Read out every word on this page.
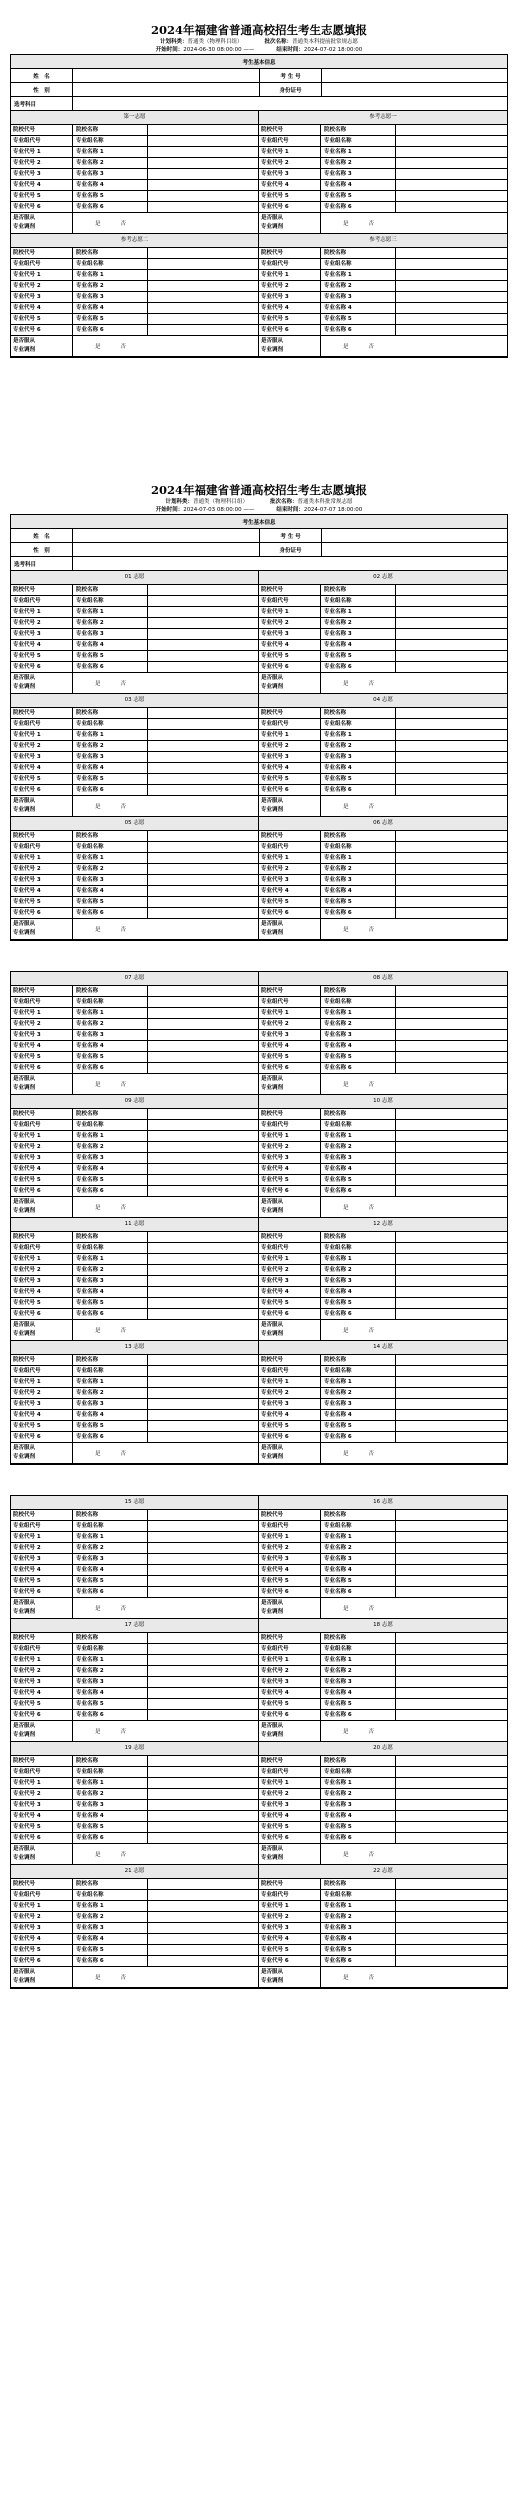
2024年福建省普通高校招生考生志愿填报
计划科类：普通类（物理科目组）	批次名称：普通类本科提前批常规志愿
开始时间：2024-06-30 08:00:00 ——	结束时间：2024-07-02 18:00:00
考生基本信息
姓　名	考 生 号
性　别	身份证号
选考科目
第一志愿
院校代号	院校名称
专业组代号	专业组名称
专业代号 1	专业名称 1
专业代号 2	专业名称 2
专业代号 3	专业名称 3
专业代号 4	专业名称 4
专业代号 5	专业名称 5
专业代号 6	专业名称 6
是否服从
专业调剂	是	否
参考志愿一
院校代号	院校名称
专业组代号	专业组名称
专业代号 1	专业名称 1
专业代号 2	专业名称 2
专业代号 3	专业名称 3
专业代号 4	专业名称 4
专业代号 5	专业名称 5
专业代号 6	专业名称 6
是否服从
专业调剂	是	否
参考志愿二
院校代号	院校名称
专业组代号	专业组名称
专业代号 1	专业名称 1
专业代号 2	专业名称 2
专业代号 3	专业名称 3
专业代号 4	专业名称 4
专业代号 5	专业名称 5
专业代号 6	专业名称 6
是否服从
专业调剂	是	否
参考志愿三
院校代号	院校名称
专业组代号	专业组名称
专业代号 1	专业名称 1
专业代号 2	专业名称 2
专业代号 3	专业名称 3
专业代号 4	专业名称 4
专业代号 5	专业名称 5
专业代号 6	专业名称 6
是否服从
专业调剂	是	否
2024年福建省普通高校招生考生志愿填报
计划科类：普通类（物理科目组）	批次名称：普通类本科批常规志愿
开始时间：2024-07-03 08:00:00 ——	结束时间：2024-07-07 18:00:00
考生基本信息
姓　名	考 生 号
性　别	身份证号
选考科目
01 志愿
院校代号	院校名称
专业组代号	专业组名称
专业代号 1	专业名称 1
专业代号 2	专业名称 2
专业代号 3	专业名称 3
专业代号 4	专业名称 4
专业代号 5	专业名称 5
专业代号 6	专业名称 6
是否服从
专业调剂	是	否
02 志愿
院校代号	院校名称
专业组代号	专业组名称
专业代号 1	专业名称 1
专业代号 2	专业名称 2
专业代号 3	专业名称 3
专业代号 4	专业名称 4
专业代号 5	专业名称 5
专业代号 6	专业名称 6
是否服从
专业调剂	是	否
03 志愿
院校代号	院校名称
专业组代号	专业组名称
专业代号 1	专业名称 1
专业代号 2	专业名称 2
专业代号 3	专业名称 3
专业代号 4	专业名称 4
专业代号 5	专业名称 5
专业代号 6	专业名称 6
是否服从
专业调剂	是	否
04 志愿
院校代号	院校名称
专业组代号	专业组名称
专业代号 1	专业名称 1
专业代号 2	专业名称 2
专业代号 3	专业名称 3
专业代号 4	专业名称 4
专业代号 5	专业名称 5
专业代号 6	专业名称 6
是否服从
专业调剂	是	否
05 志愿
院校代号	院校名称
专业组代号	专业组名称
专业代号 1	专业名称 1
专业代号 2	专业名称 2
专业代号 3	专业名称 3
专业代号 4	专业名称 4
专业代号 5	专业名称 5
专业代号 6	专业名称 6
是否服从
专业调剂	是	否
06 志愿
院校代号	院校名称
专业组代号	专业组名称
专业代号 1	专业名称 1
专业代号 2	专业名称 2
专业代号 3	专业名称 3
专业代号 4	专业名称 4
专业代号 5	专业名称 5
专业代号 6	专业名称 6
是否服从
专业调剂	是	否
07 志愿
院校代号	院校名称
专业组代号	专业组名称
专业代号 1	专业名称 1
专业代号 2	专业名称 2
专业代号 3	专业名称 3
专业代号 4	专业名称 4
专业代号 5	专业名称 5
专业代号 6	专业名称 6
是否服从
专业调剂	是	否
08 志愿
院校代号	院校名称
专业组代号	专业组名称
专业代号 1	专业名称 1
专业代号 2	专业名称 2
专业代号 3	专业名称 3
专业代号 4	专业名称 4
专业代号 5	专业名称 5
专业代号 6	专业名称 6
是否服从
专业调剂	是	否
09 志愿
院校代号	院校名称
专业组代号	专业组名称
专业代号 1	专业名称 1
专业代号 2	专业名称 2
专业代号 3	专业名称 3
专业代号 4	专业名称 4
专业代号 5	专业名称 5
专业代号 6	专业名称 6
是否服从
专业调剂	是	否
10 志愿
院校代号	院校名称
专业组代号	专业组名称
专业代号 1	专业名称 1
专业代号 2	专业名称 2
专业代号 3	专业名称 3
专业代号 4	专业名称 4
专业代号 5	专业名称 5
专业代号 6	专业名称 6
是否服从
专业调剂	是	否
11 志愿
院校代号	院校名称
专业组代号	专业组名称
专业代号 1	专业名称 1
专业代号 2	专业名称 2
专业代号 3	专业名称 3
专业代号 4	专业名称 4
专业代号 5	专业名称 5
专业代号 6	专业名称 6
是否服从
专业调剂	是	否
12 志愿
院校代号	院校名称
专业组代号	专业组名称
专业代号 1	专业名称 1
专业代号 2	专业名称 2
专业代号 3	专业名称 3
专业代号 4	专业名称 4
专业代号 5	专业名称 5
专业代号 6	专业名称 6
是否服从
专业调剂	是	否
13 志愿
院校代号	院校名称
专业组代号	专业组名称
专业代号 1	专业名称 1
专业代号 2	专业名称 2
专业代号 3	专业名称 3
专业代号 4	专业名称 4
专业代号 5	专业名称 5
专业代号 6	专业名称 6
是否服从
专业调剂	是	否
14 志愿
院校代号	院校名称
专业组代号	专业组名称
专业代号 1	专业名称 1
专业代号 2	专业名称 2
专业代号 3	专业名称 3
专业代号 4	专业名称 4
专业代号 5	专业名称 5
专业代号 6	专业名称 6
是否服从
专业调剂	是	否
15 志愿
院校代号	院校名称
专业组代号	专业组名称
专业代号 1	专业名称 1
专业代号 2	专业名称 2
专业代号 3	专业名称 3
专业代号 4	专业名称 4
专业代号 5	专业名称 5
专业代号 6	专业名称 6
是否服从
专业调剂	是	否
16 志愿
院校代号	院校名称
专业组代号	专业组名称
专业代号 1	专业名称 1
专业代号 2	专业名称 2
专业代号 3	专业名称 3
专业代号 4	专业名称 4
专业代号 5	专业名称 5
专业代号 6	专业名称 6
是否服从
专业调剂	是	否
17 志愿
院校代号	院校名称
专业组代号	专业组名称
专业代号 1	专业名称 1
专业代号 2	专业名称 2
专业代号 3	专业名称 3
专业代号 4	专业名称 4
专业代号 5	专业名称 5
专业代号 6	专业名称 6
是否服从
专业调剂	是	否
18 志愿
院校代号	院校名称
专业组代号	专业组名称
专业代号 1	专业名称 1
专业代号 2	专业名称 2
专业代号 3	专业名称 3
专业代号 4	专业名称 4
专业代号 5	专业名称 5
专业代号 6	专业名称 6
是否服从
专业调剂	是	否
19 志愿
院校代号	院校名称
专业组代号	专业组名称
专业代号 1	专业名称 1
专业代号 2	专业名称 2
专业代号 3	专业名称 3
专业代号 4	专业名称 4
专业代号 5	专业名称 5
专业代号 6	专业名称 6
是否服从
专业调剂	是	否
20 志愿
院校代号	院校名称
专业组代号	专业组名称
专业代号 1	专业名称 1
专业代号 2	专业名称 2
专业代号 3	专业名称 3
专业代号 4	专业名称 4
专业代号 5	专业名称 5
专业代号 6	专业名称 6
是否服从
专业调剂	是	否
21 志愿
院校代号	院校名称
专业组代号	专业组名称
专业代号 1	专业名称 1
专业代号 2	专业名称 2
专业代号 3	专业名称 3
专业代号 4	专业名称 4
专业代号 5	专业名称 5
专业代号 6	专业名称 6
是否服从
专业调剂	是	否
22 志愿
院校代号	院校名称
专业组代号	专业组名称
专业代号 1	专业名称 1
专业代号 2	专业名称 2
专业代号 3	专业名称 3
专业代号 4	专业名称 4
专业代号 5	专业名称 5
专业代号 6	专业名称 6
是否服从
专业调剂	是	否
